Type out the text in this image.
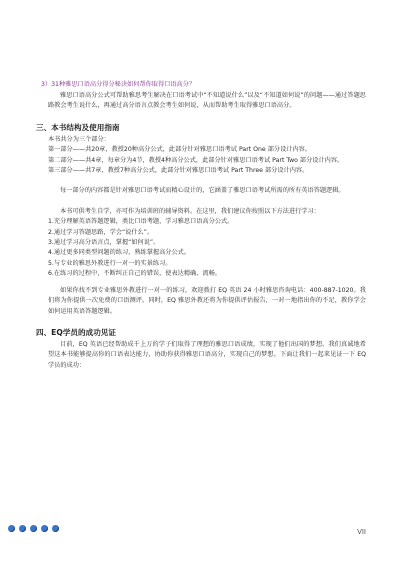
3）31种雅思口语高分得分秘诀如何帮你取得口语高分？

雅思口语高分公式可帮助雅思考生解决在口语考试中“不知道说什么”以及“不知道如何说”的问题——通过答题思路教会考生说什么，再通过高分语言点教会考生如何说，从而帮助考生取得雅思口语高分。

三、本书结构及使用指南

本书共分为三个部分：

第一部分—— 共20章，教授20种高分公式，此部分针对雅思口语考试 Part One 部分设计内容。
第二部分—— 共4章，每章分为4节，教授4种高分公式，此部分针对雅思口语考试 Part Two 部分设计内容。
第三部分—— 共7章，教授7种高分公式，此部分针对雅思口语考试 Part Three 部分设计内容。

每一部分的内容都是针对雅思口语考试而精心设计的，它涵盖了雅思口语考试所需的所有英语答题逻辑。

本书可供考生自学，亦可作为培训班的辅导资料。在这里，我们建议你按照以下方法进行学习：

1.充分理解英语答题逻辑，类比口语考题，学习雅思口语高分公式。
2.通过学习答题思路，学会“说什么”。
3.通过学习高分语言点，掌握“如何说”。
4.通过更多同类型问题的练习，熟练掌握高分公式。
5.与专业的雅思外教进行一对一的实景练习。
6.在练习的过程中，不断纠正自己的错误，使表达精确、流畅。

如果你找不到专业雅思外教进行一对一的练习，欢迎拨打 EQ 英语 24 小时雅思咨询电话：400-887-1020。我们将为你提供一次免费的口语测评。同时，EQ 雅思外教还将为你提供评估报告，一对一地指出你的不足，教你学会如何运用英语答题逻辑。

四、EQ学员的成功见证

目前，EQ 英语已经帮助成千上万的学子们取得了理想的雅思口语成绩，实现了他们出国的梦想。我们真诚地希望这本书能够提高你的口语表达能力，协助你获得雅思口语高分，实现自己的梦想。下面让我们一起来见证一下 EQ 学员的成功：

VII
